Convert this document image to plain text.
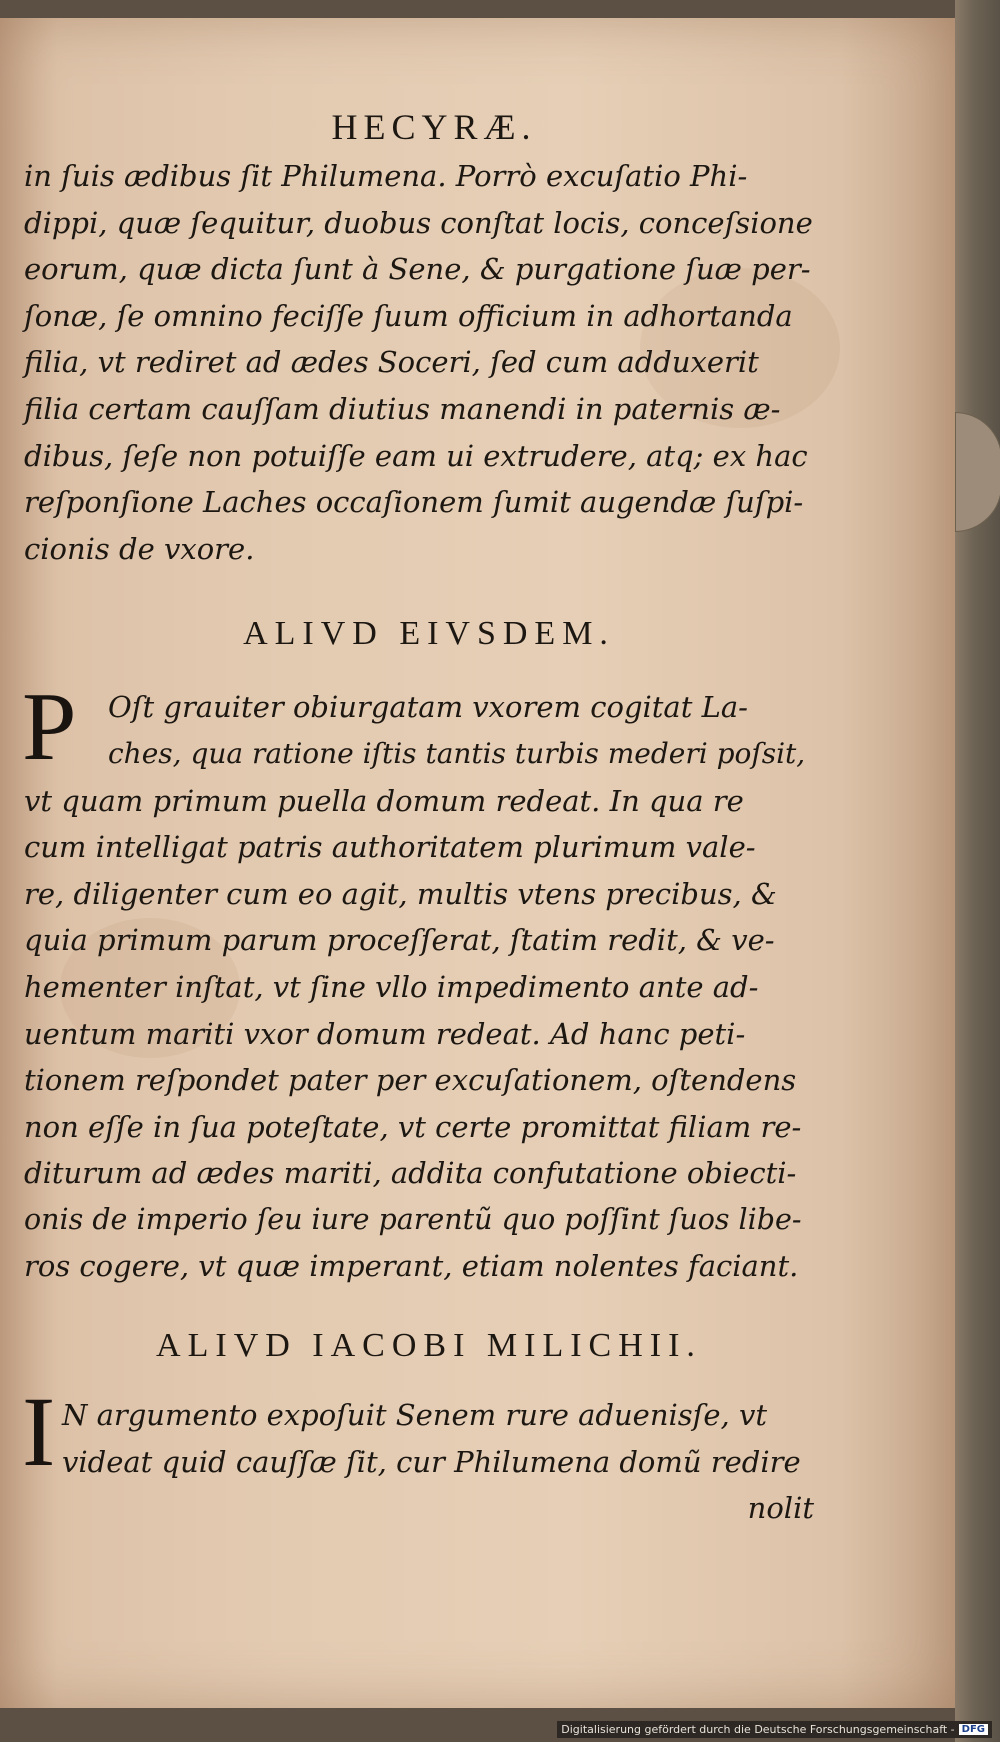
HECYRÆ.
in ſuis ædibus ſit Philumena. Porrò excuſatio Phi-
dippi, quæ ſequitur, duobus conſtat locis, conceſsione
eorum, quæ dicta ſunt à Sene, & purgatione ſuæ per-
ſonæ, ſe omnino feciſſe ſuum officium in adhortanda
filia, vt rediret ad ædes Soceri, ſed cum adduxerit
filia certam cauſſam diutius manendi in paternis æ-
dibus, ſeſe non potuiſſe eam ui extrudere, atq; ex hac
reſponſione Laches occaſionem ſumit augendæ ſuſpi-
cionis de vxore.
ALIVD EIVSDEM.
P	Oſt grauiter obiurgatam vxorem cogitat La-
ches, qua ratione iſtis tantis turbis mederi poſsit,
vt quam primum puella domum redeat. In qua re
cum intelligat patris authoritatem plurimum vale-
re, diligenter cum eo agit, multis vtens precibus, &
quia primum parum proceſſerat, ſtatim redit, & ve-
hementer inſtat, vt ſine vllo impedimento ante ad-
uentum mariti vxor domum redeat. Ad hanc peti-
tionem reſpondet pater per excuſationem, oſtendens
non eſſe in ſua poteſtate, vt certe promittat filiam re-
diturum ad ædes mariti, addita confutatione obiecti-
onis de imperio ſeu iure parentũ quo poſſint ſuos libe-
ros cogere, vt quæ imperant, etiam nolentes faciant.
ALIVD IACOBI MILICHII.
I N argumento expoſuit Senem rure aduenisſe, vt
videat quid cauſſæ ſit, cur Philumena domũ redire
nolit
Digitalisierung gefördert durch die Deutsche Forschungsgemeinschaft - DFG
